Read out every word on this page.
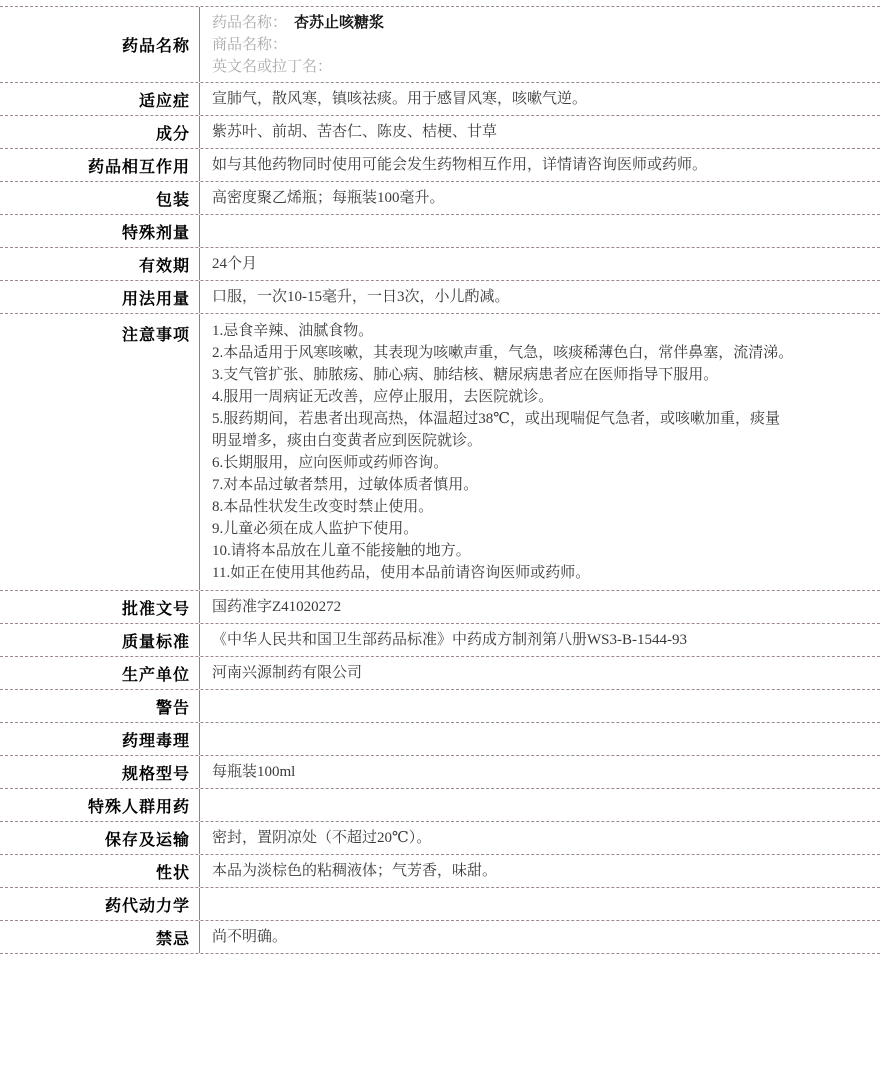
药品名称
药品名称： 杏苏止咳糖浆
商品名称：
英文名或拉丁名：
适应症	宣肺气，散风寒，镇咳祛痰。用于感冒风寒，咳嗽气逆。
成分	紫苏叶、前胡、苦杏仁、陈皮、桔梗、甘草
药品相互作用	如与其他药物同时使用可能会发生药物相互作用，详情请咨询医师或药师。
包装	高密度聚乙烯瓶；每瓶装100毫升。
特殊剂量
有效期	24个月
用法用量	口服，一次10-15毫升，一日3次，小儿酌减。
注意事项	1.忌食辛辣、油腻食物。
2.本品适用于风寒咳嗽，其表现为咳嗽声重，气急，咳痰稀薄色白，常伴鼻塞，流清涕。
3.支气管扩张、肺脓疡、肺心病、肺结核、糖尿病患者应在医师指导下服用。
4.服用一周病证无改善，应停止服用，去医院就诊。
5.服药期间，若患者出现高热，体温超过38℃，或出现喘促气急者，或咳嗽加重，痰量
明显增多，痰由白变黄者应到医院就诊。
6.长期服用，应向医师或药师咨询。
7.对本品过敏者禁用，过敏体质者慎用。
8.本品性状发生改变时禁止使用。
9.儿童必须在成人监护下使用。
10.请将本品放在儿童不能接触的地方。
11.如正在使用其他药品，使用本品前请咨询医师或药师。
批准文号	国药准字Z41020272
质量标准	《中华人民共和国卫生部药品标准》中药成方制剂第八册WS3-B-1544-93
生产单位	河南兴源制药有限公司
警告
药理毒理
规格型号	每瓶装100ml
特殊人群用药
保存及运输	密封，置阴凉处（不超过20℃）。
性状	本品为淡棕色的粘稠液体；气芳香，味甜。
药代动力学
禁忌	尚不明确。
